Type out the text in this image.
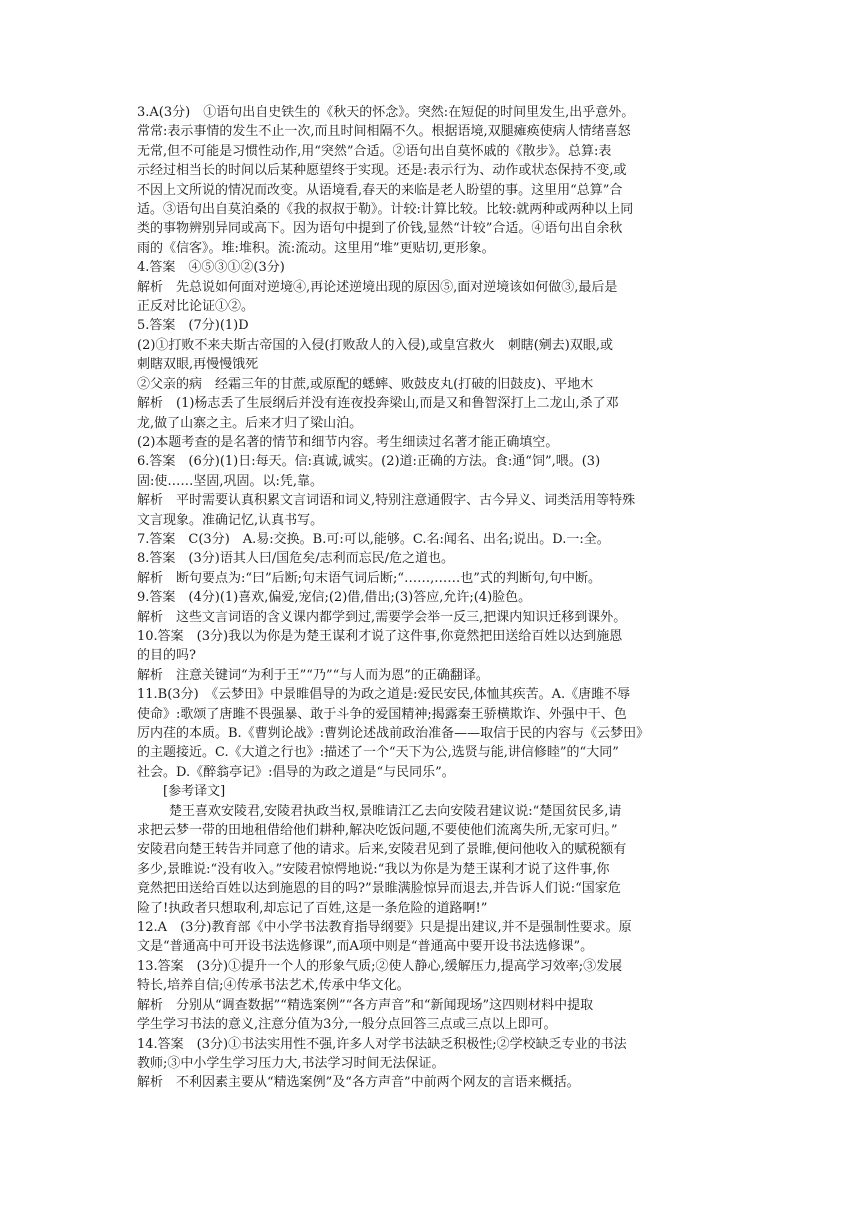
3.A(3分)　①语句出自史铁生的《秋天的怀念》。突然:在短促的时间里发生,出乎意外。
常常:表示事情的发生不止一次,而且时间相隔不久。根据语境,双腿瘫痪使病人情绪喜怒
无常,但不可能是习惯性动作,用“突然”合适。②语句出自莫怀戚的《散步》。总算:表
示经过相当长的时间以后某种愿望终于实现。还是:表示行为、动作或状态保持不变,或
不因上文所说的情况而改变。从语境看,春天的来临是老人盼望的事。这里用“总算”合
适。③语句出自莫泊桑的《我的叔叔于勒》。计较:计算比较。比较:就两种或两种以上同
类的事物辨别异同或高下。因为语句中提到了价钱,显然“计较”合适。④语句出自余秋
雨的《信客》。堆:堆积。流:流动。这里用“堆”更贴切,更形象。
4.答案　④⑤③①②(3分)
解析　先总说如何面对逆境④,再论述逆境出现的原因⑤,面对逆境该如何做③,最后是
正反对比论证①②。
5.答案　(7分)(1)D
(2)①打败不来夫斯古帝国的入侵(打败敌人的入侵),或皇宫救火　刺瞎(剜去)双眼,或
刺瞎双眼,再慢慢饿死
②父亲的病　经霜三年的甘蔗,或原配的蟋蟀、败鼓皮丸(打破的旧鼓皮)、平地木
解析　(1)杨志丢了生辰纲后并没有连夜投奔梁山,而是又和鲁智深打上二龙山,杀了邓
龙,做了山寨之主。后来才归了梁山泊。
(2)本题考查的是名著的情节和细节内容。考生细读过名著才能正确填空。
6.答案　(6分)(1)日:每天。信:真诚,诚实。(2)道:正确的方法。食:通“饲”,喂。(3)
固:使……坚固,巩固。以:凭,靠。
解析　平时需要认真积累文言词语和词义,特别注意通假字、古今异义、词类活用等特殊
文言现象。准确记忆,认真书写。
7.答案　C(3分)　A.易:交换。B.可:可以,能够。C.名:闻名、出名;说出。D.一:全。
8.答案　(3分)语其人曰/国危矣/志利而忘民/危之道也。
解析　断句要点为:“曰”后断;句末语气词后断;“……,……也”式的判断句,句中断。
9.答案　(4分)(1)喜欢,偏爱,宠信;(2)借,借出;(3)答应,允许;(4)脸色。
解析　这些文言词语的含义课内都学到过,需要学会举一反三,把课内知识迁移到课外。
10.答案　(3分)我以为你是为楚王谋利才说了这件事,你竟然把田送给百姓以达到施恩
的目的吗?
解析　注意关键词“为利于王”“乃”“与人而为恩”的正确翻译。
11.B(3分)　《云梦田》中景睢倡导的为政之道是:爱民安民,体恤其疾苦。A.《唐雎不辱
使命》:歌颂了唐雎不畏强暴、敢于斗争的爱国精神;揭露秦王骄横欺诈、外强中干、色
厉内荏的本质。B.《曹刿论战》:曹刿论述战前政治准备——取信于民的内容与《云梦田》
的主题接近。C.《大道之行也》:描述了一个“天下为公,选贤与能,讲信修睦”的“大同”
社会。D.《醉翁亭记》:倡导的为政之道是“与民同乐”。
[参考译文]
楚王喜欢安陵君,安陵君执政当权,景睢请江乙去向安陵君建议说:“楚国贫民多,请
求把云梦一带的田地租借给他们耕种,解决吃饭问题,不要使他们流离失所,无家可归。”
安陵君向楚王转告并同意了他的请求。后来,安陵君见到了景睢,便问他收入的赋税额有
多少,景睢说:“没有收入。”安陵君惊愕地说:“我以为你是为楚王谋利才说了这件事,你
竟然把田送给百姓以达到施恩的目的吗?”景睢满脸惊异而退去,并告诉人们说:“国家危
险了!执政者只想取利,却忘记了百姓,这是一条危险的道路啊!”
12.A　(3分)教育部《中小学书法教育指导纲要》只是提出建议,并不是强制性要求。原
文是“普通高中可开设书法选修课”,而A项中则是“普通高中要开设书法选修课”。
13.答案　(3分)①提升一个人的形象气质;②使人静心,缓解压力,提高学习效率;③发展
特长,培养自信;④传承书法艺术,传承中华文化。
解析　分别从“调查数据”“精选案例”“各方声音”和“新闻现场”这四则材料中提取
学生学习书法的意义,注意分值为3分,一般分点回答三点或三点以上即可。
14.答案　(3分)①书法实用性不强,许多人对学书法缺乏积极性;②学校缺乏专业的书法
教师;③中小学生学习压力大,书法学习时间无法保证。
解析　不利因素主要从“精选案例”及“各方声音”中前两个网友的言语来概括。
